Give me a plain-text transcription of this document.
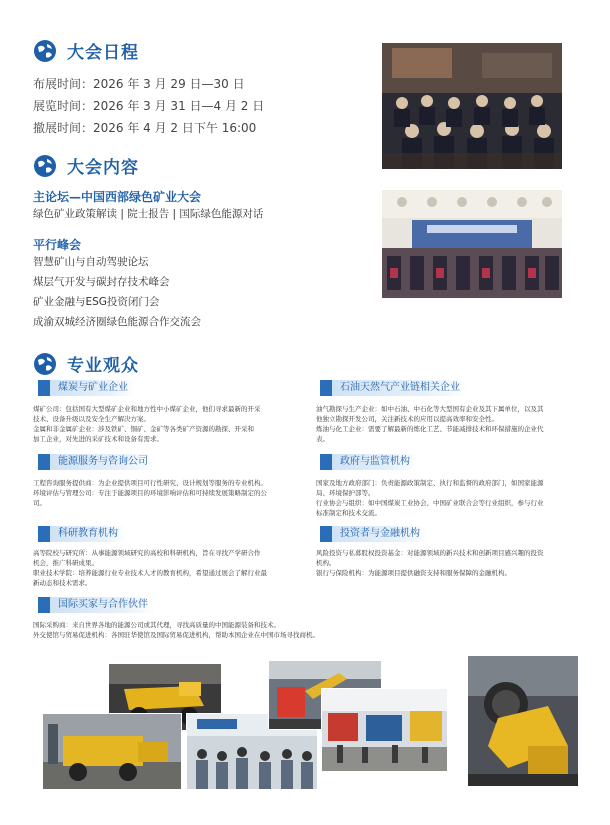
大会日程
布展时间：2026 年 3 月 29 日—30 日
展览时间：2026 年 3 月 31 日—4 月 2 日
撤展时间：2026 年 4 月 2 日下午 16:00
大会内容
主论坛—中国西部绿色矿业大会
绿色矿业政策解读 | 院士报告 | 国际绿色能源对话
平行峰会
智慧矿山与自动驾驶论坛
煤层气开发与碳封存技术峰会
矿业金融与ESG投资闭门会
成渝双城经济圈绿色能源合作交流会
专业观众
煤炭与矿业企业

煤矿公司：包括国有大型煤矿企业和地方性中小煤矿企业，他们寻求最新的开采

技术、设备升级以及安全生产解决方案。

金属和非金属矿企业：涉及铁矿、铜矿、金矿等各类矿产资源的勘探、开采和

加工企业，对先进的采矿技术和设备有需求。

石油天然气产业链相关企业

油气勘探与生产企业：如中石油、中石化等大型国有企业及其下属单位，以及其

他独立勘探开发公司，关注新技术的应用以提高效率和安全性。

炼油与化工企业：需要了解最新的炼化工艺、节能减排技术和环保措施的企业代

表。

能源服务与咨询公司

工程咨询服务提供商：为企业提供项目可行性研究、设计规划等服务的专业机构。

环境评估与管理公司：专注于能源项目的环境影响评估和可持续发展策略制定的公

司。

政府与监管机构

国家及地方政府部门：负责能源政策制定、执行和监督的政府部门，如国家能源

局、环境保护部等。

行业协会与组织：如中国煤炭工业协会、中国矿业联合会等行业组织，参与行业

标准制定和技术交流。

科研教育机构

高等院校与研究所：从事能源领域研究的高校和科研机构，旨在寻找产学研合作

机会，推广科研成果。

职业技术学院：培养能源行业专业技术人才的教育机构，希望通过展会了解行业最

新动态和技术需求。

投资者与金融机构

风险投资与私募股权投资基金：对能源领域的新兴技术和创新项目感兴趣的投资

机构。

银行与保险机构：为能源项目提供融资支持和服务保障的金融机构。

国际买家与合作伙伴

国际采购商：来自世界各地的能源公司或其代理，寻找高质量的中国能源装备和技术。

外交使馆与贸易促进机构：各国驻华使馆及国际贸易促进机构，帮助本国企业在中国市场寻找商机。
